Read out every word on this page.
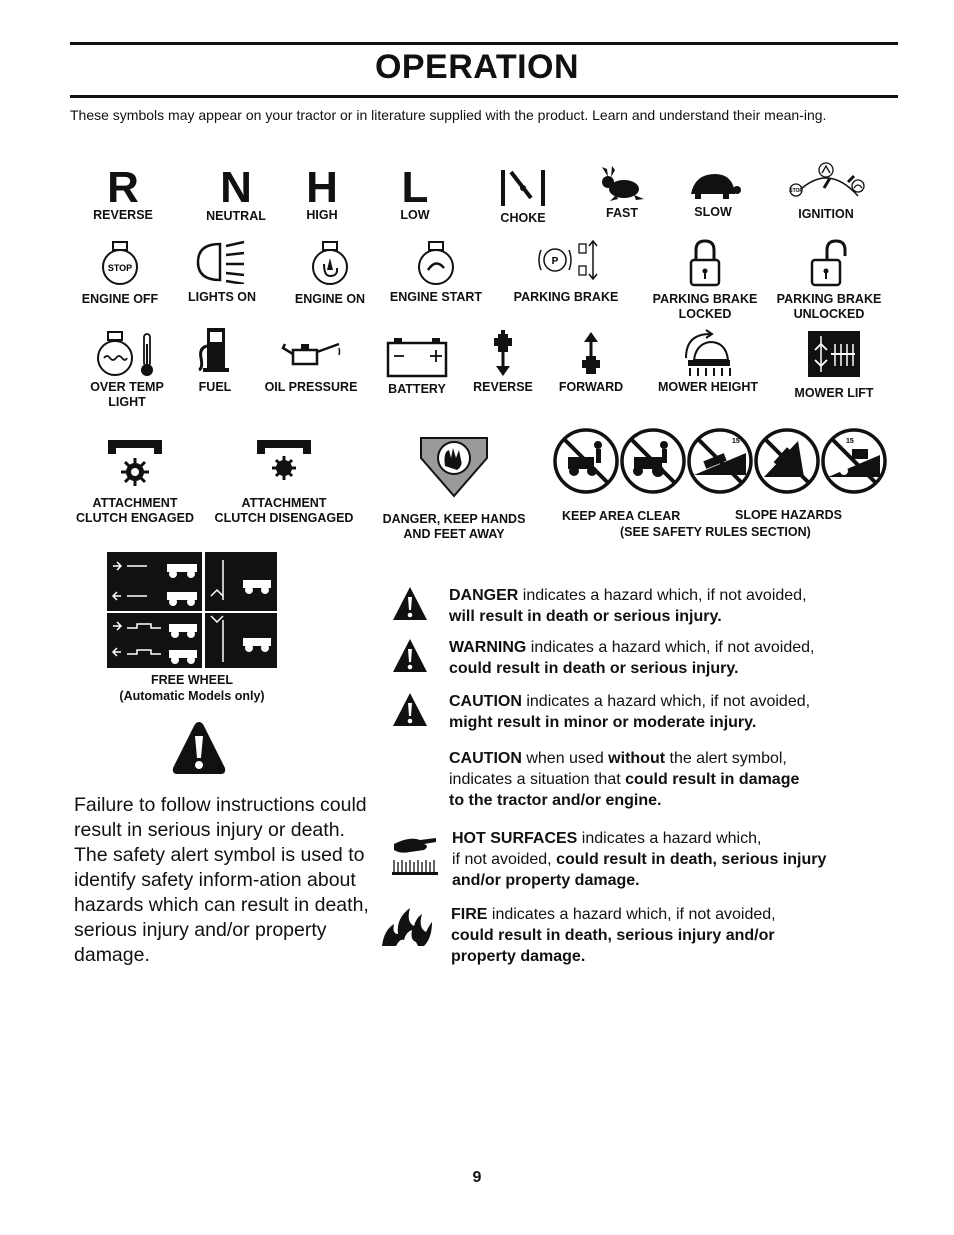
OPERATION
These symbols may appear on your tractor or in literature supplied with the product. Learn and understand their mean-ing.
R
REVERSE
N
NEUTRAL
H
HIGH
L
LOW	CHOKE	FAST	SLOW
STOP
IGNITION
STOP
ENGINE OFF	LIGHTS ON	ENGINE ON	ENGINE START
P
PARKING BRAKE	PARKING BRAKE
LOCKED
PARKING BRAKE
UNLOCKED
OVER TEMP
LIGHT
FUEL	OIL PRESSURE	BATTERY	REVERSE	FORWARD	MOWER HEIGHT	MOWER LIFT
ATTACHMENT
CLUTCH ENGAGED
ATTACHMENT
CLUTCH DISENGAGED	DANGER, KEEP HANDS
AND FEET AWAY
15	15
KEEP AREA CLEAR	SLOPE HAZARDS
(SEE SAFETY RULES SECTION)
FREE WHEEL
(Automatic Models only)
Failure to follow instructions could result in serious injury or death. The safety alert symbol is used to identify safety inform-ation about hazards which can result in death, serious injury and/or property damage.
DANGER indicates a hazard which, if not avoided,
will result in death or serious injury.
WARNING indicates a hazard which, if not avoided,
could result in death or serious injury.
CAUTION indicates a hazard which, if not avoided,
might result in minor or moderate injury.
CAUTION when used without the alert symbol,
indicates a situation that could result in damage
to the tractor and/or engine.
HOT SURFACES indicates a hazard which,
if not avoided, could result in death, serious injury
and/or property damage.
FIRE indicates a hazard which, if not avoided,
could result in death, serious injury and/or
property damage.
9
